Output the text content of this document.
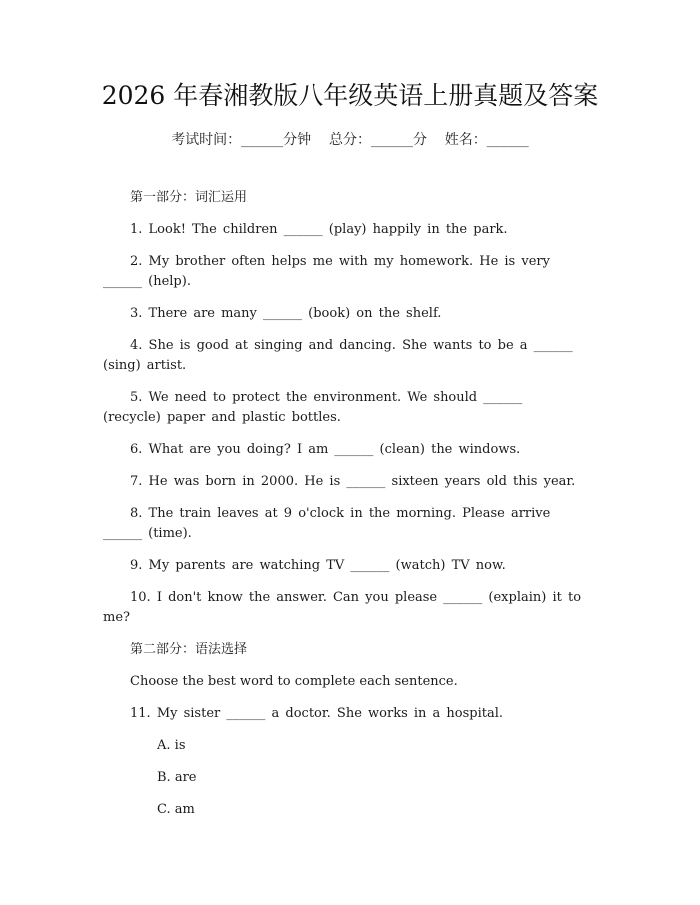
2026 年春湘教版八年级英语上册真题及答案
考试时间：______分钟    总分：______分    姓名：______
第一部分：词汇运用
1. Look! The children ______ (play) happily in the park.
2. My brother often helps me with my homework. He is very ______ (help).
3. There are many ______ (book) on the shelf.
4. She is good at singing and dancing. She wants to be a ______ (sing) artist.
5. We need to protect the environment. We should ______ (recycle) paper and plastic bottles.
6. What are you doing? I am ______ (clean) the windows.
7. He was born in 2000. He is ______ sixteen years old this year.
8. The train leaves at 9 o'clock in the morning. Please arrive ______ (time).
9. My parents are watching TV ______ (watch) TV now.
10. I don't know the answer. Can you please ______ (explain) it to me?
第二部分：语法选择
Choose the best word to complete each sentence.
11. My sister ______ a doctor. She works in a hospital.
A. is
B. are
C. am
